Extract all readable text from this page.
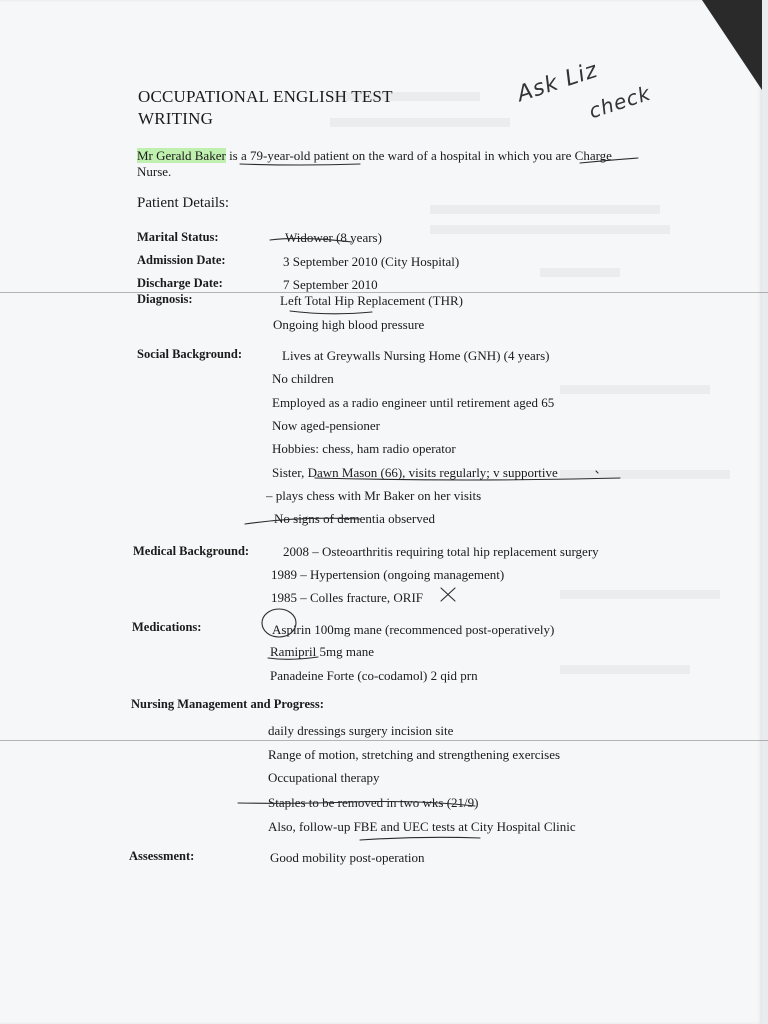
OCCUPATIONAL ENGLISH TEST
WRITING
Ask Liz
check
Mr Gerald Baker is a 79-year-old patient on the ward of a hospital in which you are Charge Nurse.
Patient Details:
Marital Status:	Widower (8 years)
Admission Date:	3 September 2010 (City Hospital)
Discharge Date:	7 September 2010
Diagnosis:	Left Total Hip Replacement (THR)
Ongoing high blood pressure
Social Background:	Lives at Greywalls Nursing Home (GNH) (4 years)
No children
Employed as a radio engineer until retirement aged 65
Now aged-pensioner
Hobbies: chess, ham radio operator
Sister, Dawn Mason (66), visits regularly; v supportive
– plays chess with Mr Baker on her visits
No signs of dementia observed
Medical Background:	2008 – Osteoarthritis requiring total hip replacement surgery
1989 – Hypertension (ongoing management)
1985 – Colles fracture, ORIF
Medications:	Aspirin 100mg mane (recommenced post-operatively)
Ramipril 5mg mane
Panadeine Forte (co-codamol) 2 qid prn
Nursing Management and Progress:
daily dressings surgery incision site
Range of motion, stretching and strengthening exercises
Occupational therapy
Staples to be removed in two wks (21/9)
Also, follow-up FBE and UEC tests at City Hospital Clinic
Assessment:	Good mobility post-operation
